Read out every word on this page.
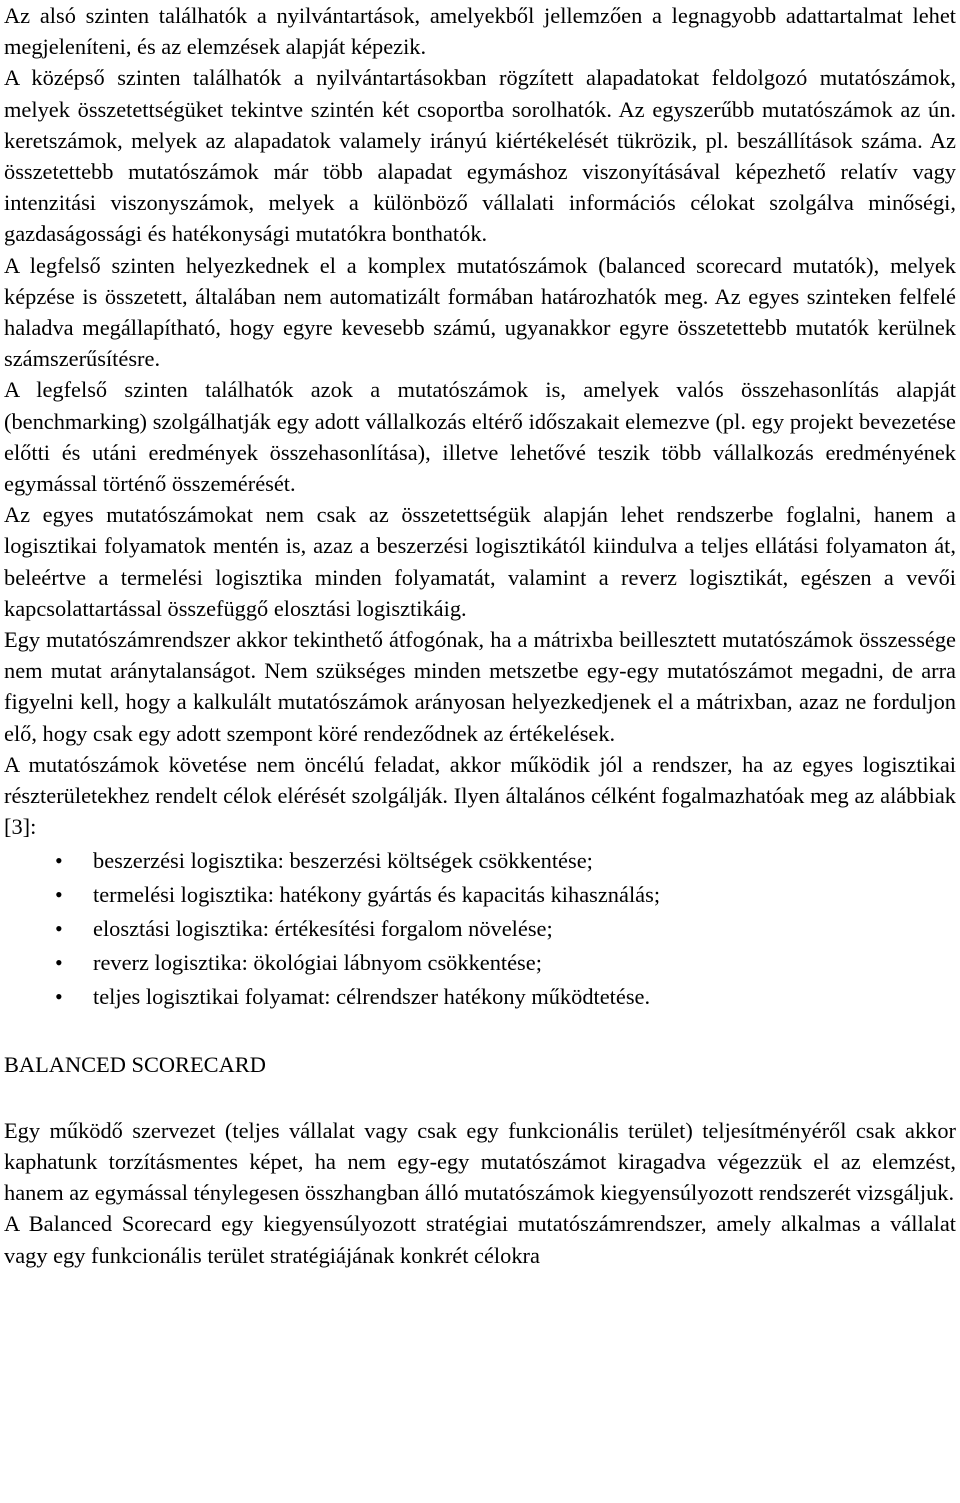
Az alsó szinten találhatók a nyilvántartások, amelyekből jellemzően a legnagyobb adattartalmat lehet megjeleníteni, és az elemzések alapját képezik.

A középső szinten találhatók a nyilvántartásokban rögzített alapadatokat feldolgozó mutatószámok, melyek összetettségüket tekintve szintén két csoportba sorolhatók. Az egyszerűbb mutatószámok az ún. keretszámok, melyek az alapadatok valamely irányú kiértékelését tükrözik, pl. beszállítások száma. Az összetettebb mutatószámok már több alapadat egymáshoz viszonyításával képezhető relatív vagy intenzitási viszonyszámok, melyek a különböző vállalati információs célokat szolgálva minőségi, gazdaságossági és hatékonysági mutatókra bonthatók.

A legfelső szinten helyezkednek el a komplex mutatószámok (balanced scorecard mutatók), melyek képzése is összetett, általában nem automatizált formában határozhatók meg. Az egyes szinteken felfelé haladva megállapítható, hogy egyre kevesebb számú, ugyanakkor egyre összetettebb mutatók kerülnek számszerűsítésre.

A legfelső szinten találhatók azok a mutatószámok is, amelyek valós összehasonlítás alapját (benchmarking) szolgálhatják egy adott vállalkozás eltérő időszakait elemezve (pl. egy projekt bevezetése előtti és utáni eredmények összehasonlítása), illetve lehetővé teszik több vállalkozás eredményének egymással történő összemérését.

Az egyes mutatószámokat nem csak az összetettségük alapján lehet rendszerbe foglalni, hanem a logisztikai folyamatok mentén is, azaz a beszerzési logisztikától kiindulva a teljes ellátási folyamaton át, beleértve a termelési logisztika minden folyamatát, valamint a reverz logisztikát, egészen a vevői kapcsolattartással összefüggő elosztási logisztikáig.

Egy mutatószámrendszer akkor tekinthető átfogónak, ha a mátrixba beillesztett mutatószámok összessége nem mutat aránytalanságot. Nem szükséges minden metszetbe egy-egy mutatószámot megadni, de arra figyelni kell, hogy a kalkulált mutatószámok arányosan helyezkedjenek el a mátrixban, azaz ne forduljon elő, hogy csak egy adott szempont köré rendeződnek az értékelések.

A mutatószámok követése nem öncélú feladat, akkor működik jól a rendszer, ha az egyes logisztikai részterületekhez rendelt célok elérését szolgálják. Ilyen általános célként fogalmazhatóak meg az alábbiak [3]:

• beszerzési logisztika: beszerzési költségek csökkentése;
• termelési logisztika: hatékony gyártás és kapacitás kihasználás;
• elosztási logisztika: értékesítési forgalom növelése;
• reverz logisztika: ökológiai lábnyom csökkentése;
• teljes logisztikai folyamat: célrendszer hatékony működtetése.
BALANCED SCORECARD

Egy működő szervezet (teljes vállalat vagy csak egy funkcionális terület) teljesítményéről csak akkor kaphatunk torzításmentes képet, ha nem egy-egy mutatószámot kiragadva végezzük el az elemzést, hanem az egymással ténylegesen összhangban álló mutatószámok kiegyensúlyozott rendszerét vizsgáljuk.

A Balanced Scorecard egy kiegyensúlyozott stratégiai mutatószámrendszer, amely alkalmas a vállalat vagy egy funkcionális terület stratégiájának konkrét célokra
